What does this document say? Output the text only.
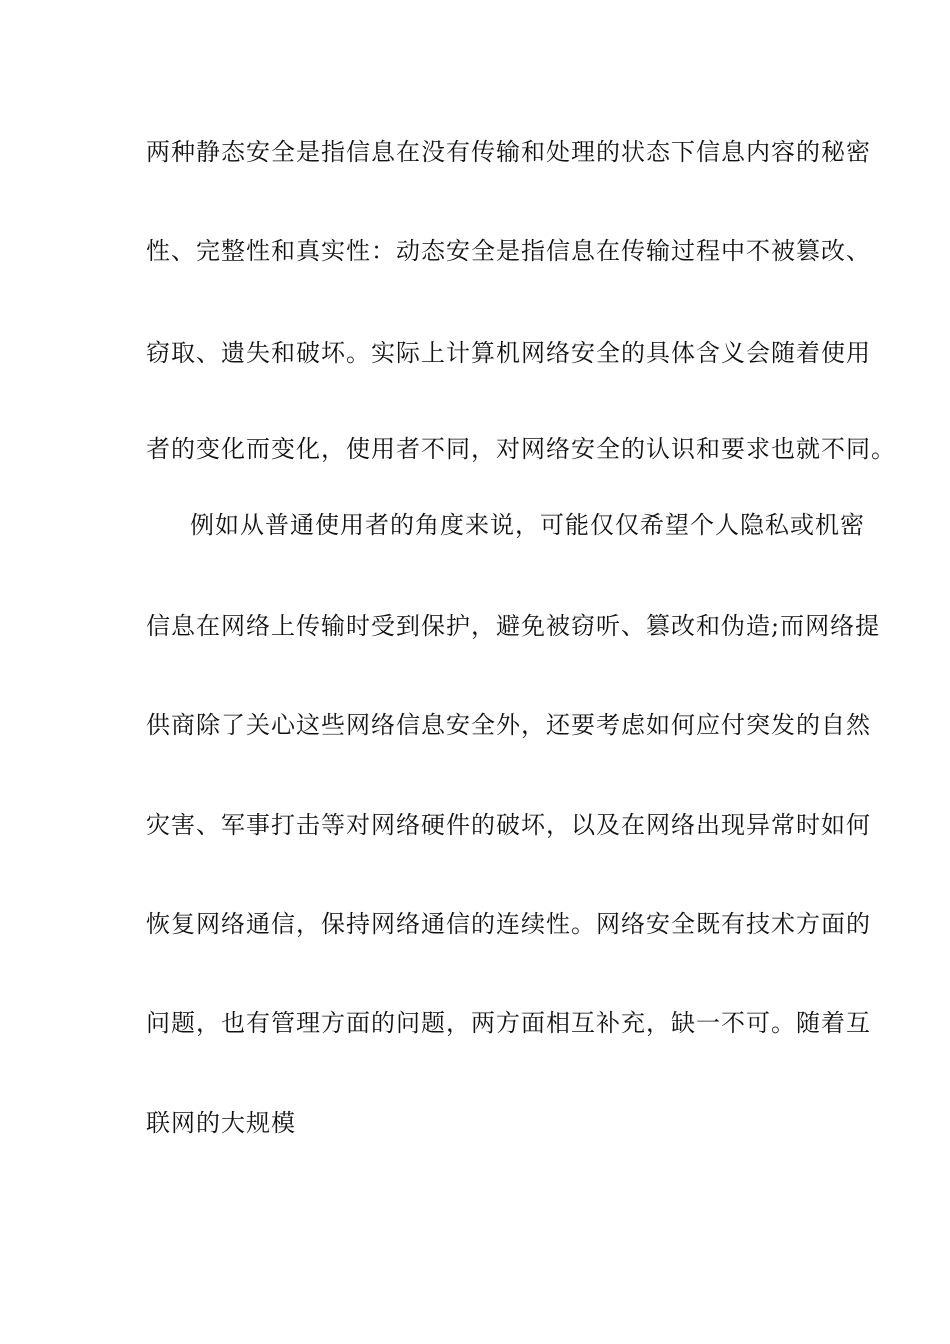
两种静态安全是指信息在没有传输和处理的状态下信息内容的秘密
性、完整性和真实性：动态安全是指信息在传输过程中不被篡改、
窃取、遗失和破坏。实际上计算机网络安全的具体含义会随着使用
者的变化而变化，使用者不同，对网络安全的认识和要求也就不同。
例如从普通使用者的角度来说，可能仅仅希望个人隐私或机密
信息在网络上传输时受到保护，避免被窃听、篡改和伪造;而网络提
供商除了关心这些网络信息安全外，还要考虑如何应付突发的自然
灾害、军事打击等对网络硬件的破坏，以及在网络出现异常时如何
恢复网络通信，保持网络通信的连续性。网络安全既有技术方面的
问题，也有管理方面的问题，两方面相互补充，缺一不可。随着互
联网的大规模
